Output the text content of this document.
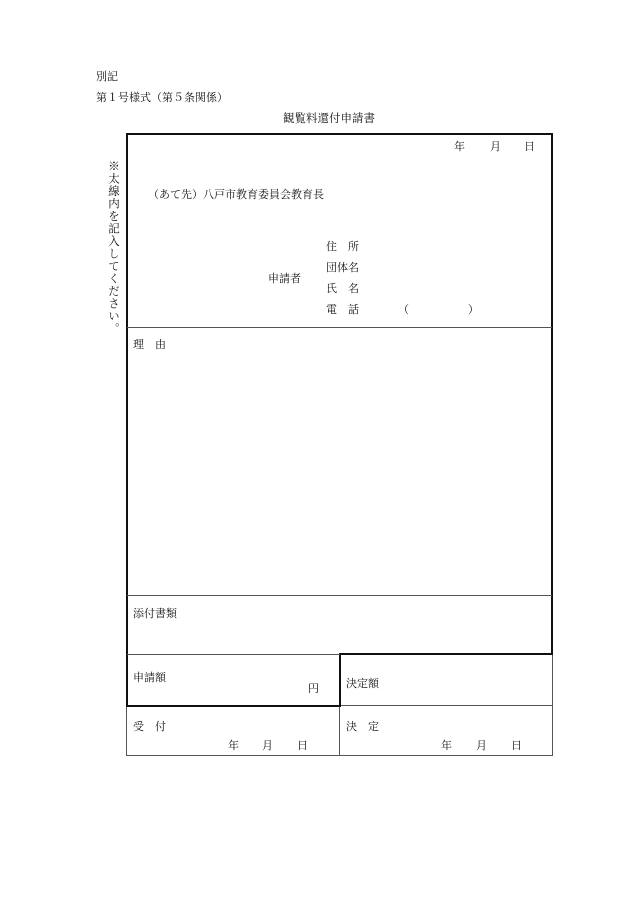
別記
第１号様式（第５条関係）
観覧料還付申請書
※太線内を記入してください。
年 月 日
（あて先）八戸市教育委員会教育長
申請者
住　所
団体名
氏　名
電　話	（　）
理　由
添付書類
申請額
円 決定額
受　付
年 月 日
決　定
年 月 日
